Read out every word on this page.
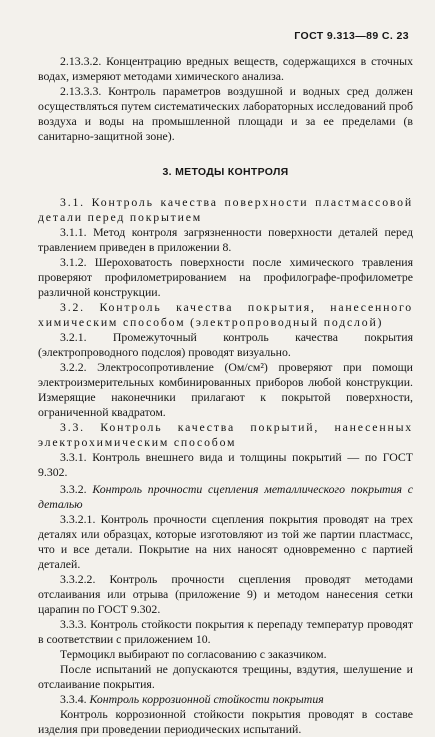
ГОСТ 9.313—89 С. 23

2.13.3.2. Концентрацию вредных веществ, содержащихся в сточных водах, измеряют методами химического анализа.

2.13.3.3. Контроль параметров воздушной и водных сред должен осуществляться путем систематических лабораторных исследований проб воздуха и воды на промышленной площади и за ее пределами (в санитарно-защитной зоне).

3. МЕТОДЫ КОНТРОЛЯ

3.1. Контроль качества поверхности пластмассовой детали перед покрытием

3.1.1. Метод контроля загрязненности поверхности деталей перед травлением приведен в приложении 8.

3.1.2. Шероховатость поверхности после химического травления проверяют профилометрированием на профилографе-профилометре различной конструкции.

3.2. Контроль качества покрытия, нанесенного химическим способом (электропроводный подслой)

3.2.1. Промежуточный контроль качества покрытия (электропроводного подслоя) проводят визуально.

3.2.2. Электросопротивление (Ом/см²) проверяют при помощи электроизмерительных комбинированных приборов любой конструкции. Измерящие наконечники прилагают к покрытой поверхности, ограниченной квадратом.

3.3. Контроль качества покрытий, нанесенных электрохимическим способом

3.3.1. Контроль внешнего вида и толщины покрытий — по ГОСТ 9.302.

3.3.2. Контроль прочности сцепления металлического покрытия с деталью

3.3.2.1. Контроль прочности сцепления покрытия проводят на трех деталях или образцах, которые изготовляют из той же партии пластмасс, что и все детали. Покрытие на них наносят одновременно с партией деталей.

3.3.2.2. Контроль прочности сцепления проводят методами отслаивания или отрыва (приложение 9) и методом нанесения сетки царапин по ГОСТ 9.302.

3.3.3. Контроль стойкости покрытия к перепаду температур проводят в соответствии с приложением 10.

Термоцикл выбирают по согласованию с заказчиком.

После испытаний не допускаются трещины, вздутия, шелушение и отслаивание покрытия.

3.3.4. Контроль коррозионной стойкости покрытия

Контроль коррозионной стойкости покрытия проводят в составе изделия при проведении периодических испытаний.
